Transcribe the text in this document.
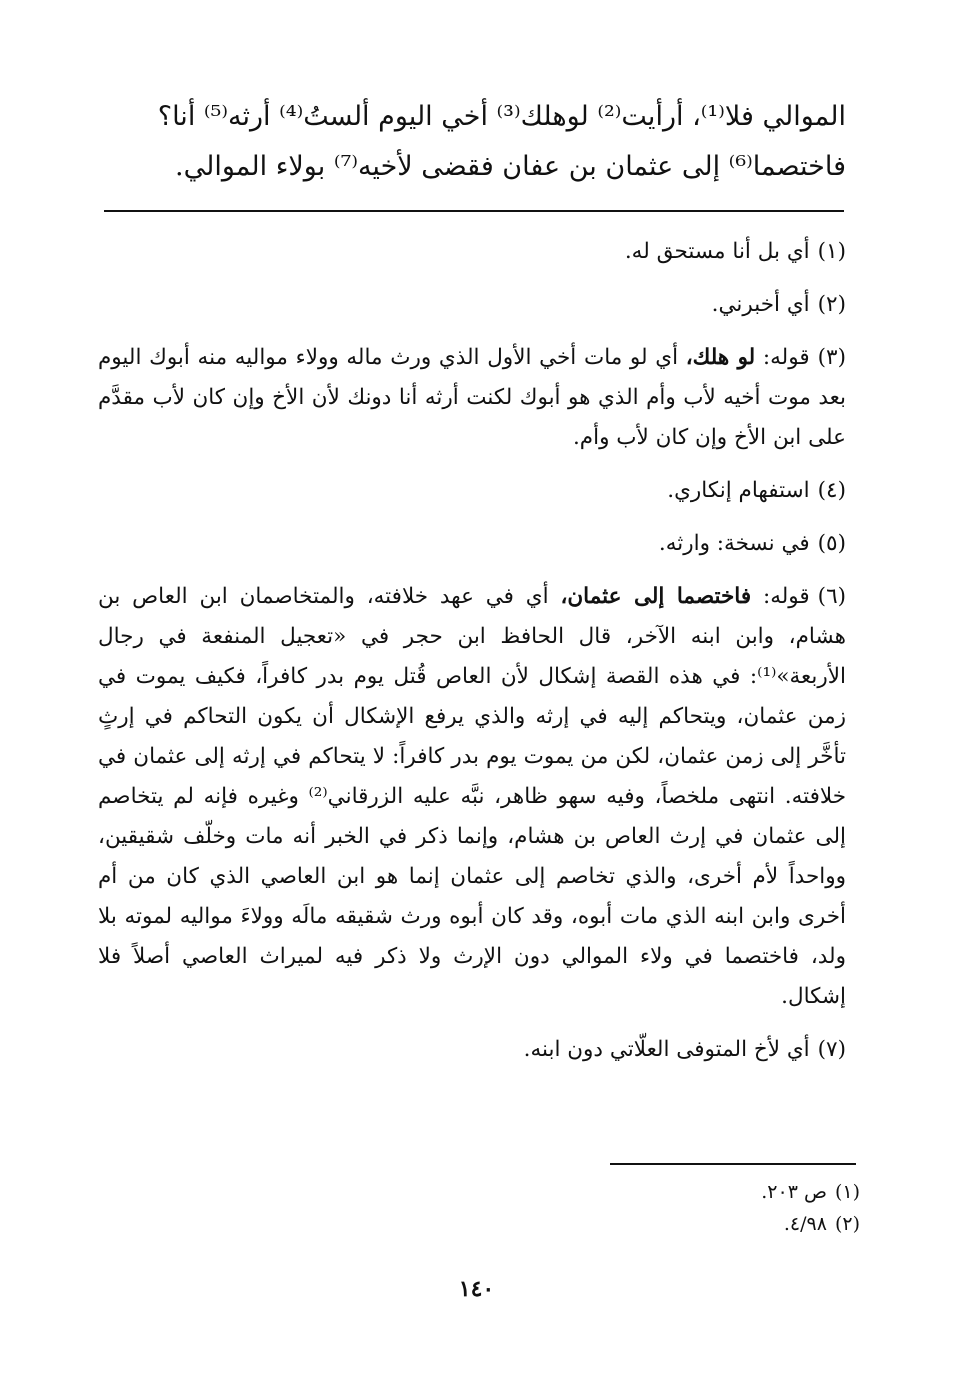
الموالي فلا⁽¹⁾، أرأيت⁽²⁾ لوهلك⁽³⁾ أخي اليوم ألستُ⁽⁴⁾ أرثه⁽⁵⁾ أنا؟

فاختصما⁽⁶⁾ إلى عثمان بن عفان فقضى لأخيه⁽⁷⁾ بولاء الموالي.

(١)أي بل أنا مستحق له.

(٢)أي أخبرني.

(٣)قوله: لو هلك، أي لو مات أخي الأول الذي ورث ماله وولاء مواليه منه أبوك اليوم بعد موت أخيه لأب وأم الذي هو أبوك لكنت أرثه أنا دونك لأن الأخ وإن كان لأب مقدَّم على ابن الأخ وإن كان لأب وأم.

(٤)استفهام إنكاري.

(٥)في نسخة: وارثه.

(٦)قوله: فاختصما إلى عثمان، أي في عهد خلافته، والمتخاصمان ابن العاص بن هشام، وابن ابنه الآخر، قال الحافظ ابن حجر في «تعجيل المنفعة في رجال الأربعة»⁽¹⁾: في هذه القصة إشكال لأن العاص قُتل يوم بدر كافراً، فكيف يموت في زمن عثمان، ويتحاكم إليه في إرثه والذي يرفع الإشكال أن يكون التحاكم في إرثٍ تأخَّر إلى زمن عثمان، لكن من يموت يوم بدر كافراً: لا يتحاكم في إرثه إلى عثمان في خلافته. انتهى ملخصاً، وفيه سهو ظاهر، نبَّه عليه الزرقاني⁽²⁾ وغيره فإنه لم يتخاصم إلى عثمان في إرث العاص بن هشام، وإنما ذكر في الخبر أنه مات وخلّف شقيقين، وواحداً لأم أخرى، والذي تخاصم إلى عثمان إنما هو ابن العاصي الذي كان من أم أخرى وابن ابنه الذي مات أبوه، وقد كان أبوه ورث شقيقه مالَه وولاءَ مواليه لموته بلا ولد، فاختصما في ولاء الموالي دون الإرث ولا ذكر فيه لميراث العاصي أصلاً فلا إشكال.

(٧)أي لأخ المتوفى العلّاتي دون ابنه.

(١)ص ٢٠٣.
(٢)٤/٩٨.
١٤٠
